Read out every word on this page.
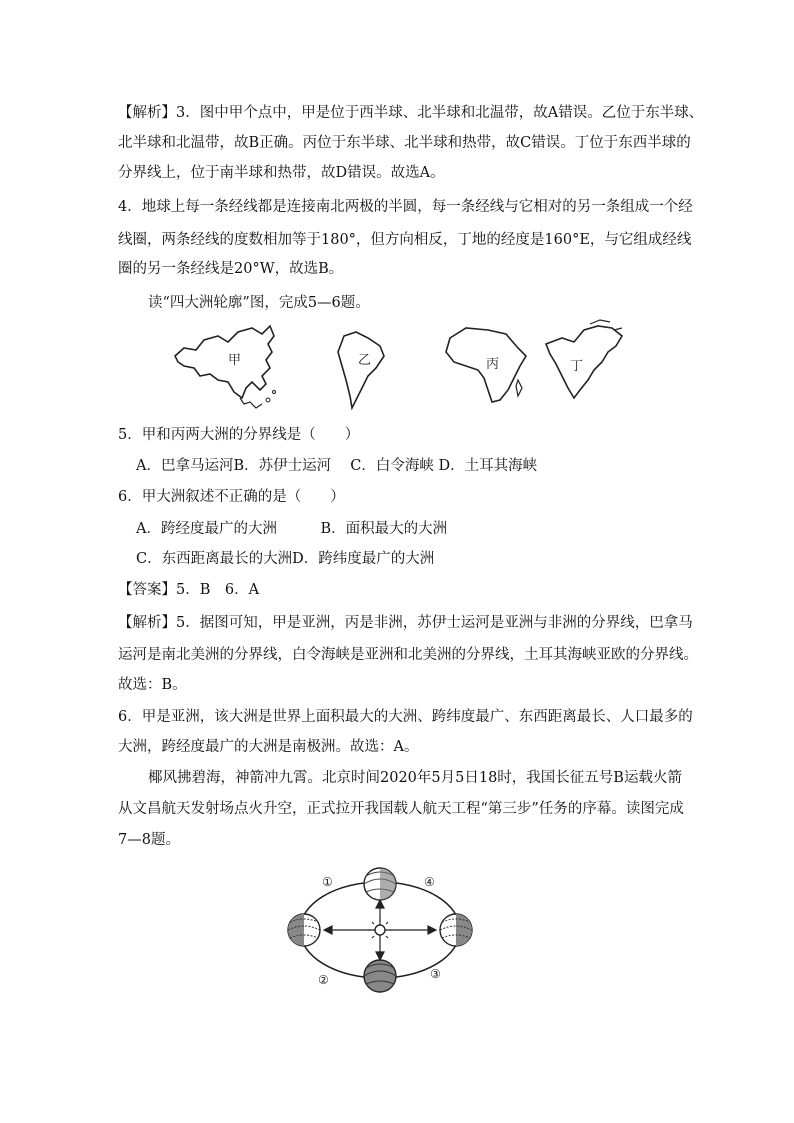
【解析】3．图中甲个点中，甲是位于西半球、北半球和北温带，故A错误。乙位于东半球、
北半球和北温带，故B正确。丙位于东半球、北半球和热带，故C错误。丁位于东西半球的
分界线上，位于南半球和热带，故D错误。故选A。
4．地球上每一条经线都是连接南北两极的半圆，每一条经线与它相对的另一条组成一个经
线圈，两条经线的度数相加等于180°，但方向相反，丁地的经度是160°E，与它组成经线
圈的另一条经线是20°W，故选B。
读“四大洲轮廓”图，完成5—6题。
甲	乙	丙	丁
5．甲和丙两大洲的分界线是（　　）
A．巴拿马运河B．苏伊士运河　 C．白令海峡 D．土耳其海峡
6．甲大洲叙述不正确的是（　　）
A．跨经度最广的大洲　　　B．面积最大的大洲
C．东西距离最长的大洲D．跨纬度最广的大洲
【答案】5．B　6．A
【解析】5．据图可知，甲是亚洲，丙是非洲，苏伊士运河是亚洲与非洲的分界线，巴拿马
运河是南北美洲的分界线，白令海峡是亚洲和北美洲的分界线，土耳其海峡亚欧的分界线。
故选：B。
6．甲是亚洲，该大洲是世界上面积最大的大洲、跨纬度最广、东西距离最长、人口最多的
大洲，跨经度最广的大洲是南极洲。故选：A。
椰风拂碧海，神箭冲九霄。北京时间2020年5月5日18时，我国长征五号B运载火箭
从文昌航天发射场点火升空，正式拉开我国载人航天工程“第三步”任务的序幕。读图完成
7—8题。
①
②	③
④
